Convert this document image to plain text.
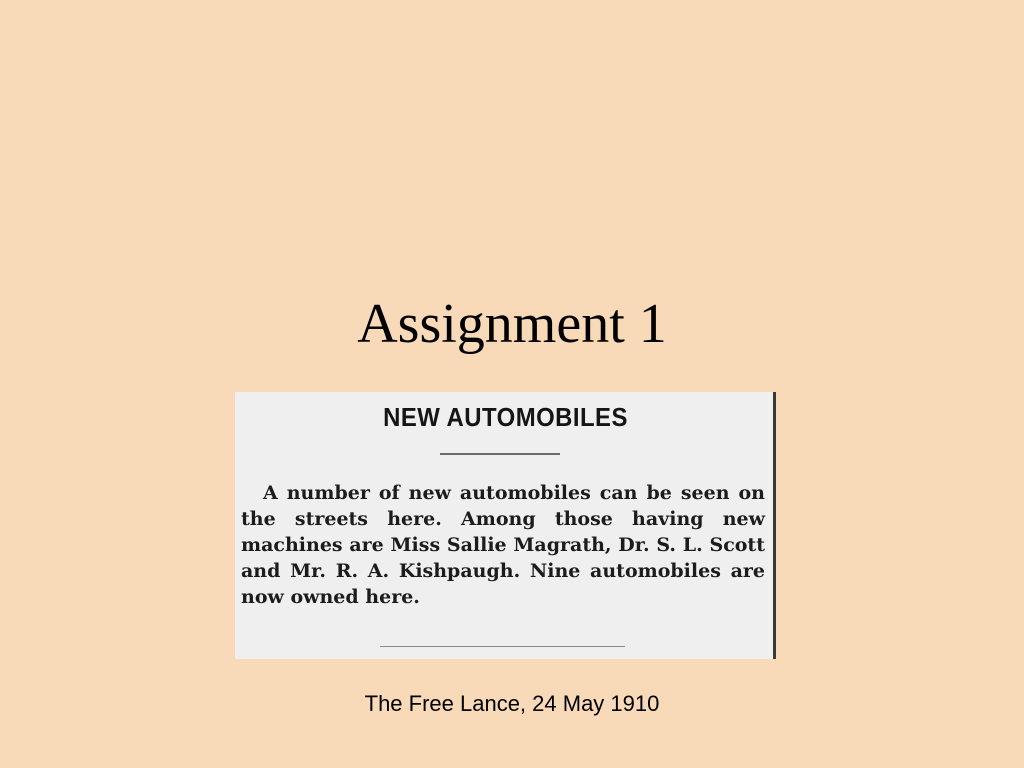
Assignment 1
NEW AUTOMOBILES

A number of new automobiles can be seen on the streets here. Among those having new machines are Miss Sallie Magrath, Dr. S. L. Scott and Mr. R. A. Kishpaugh. Nine automobiles are now owned here.

The Free Lance, 24 May 1910
